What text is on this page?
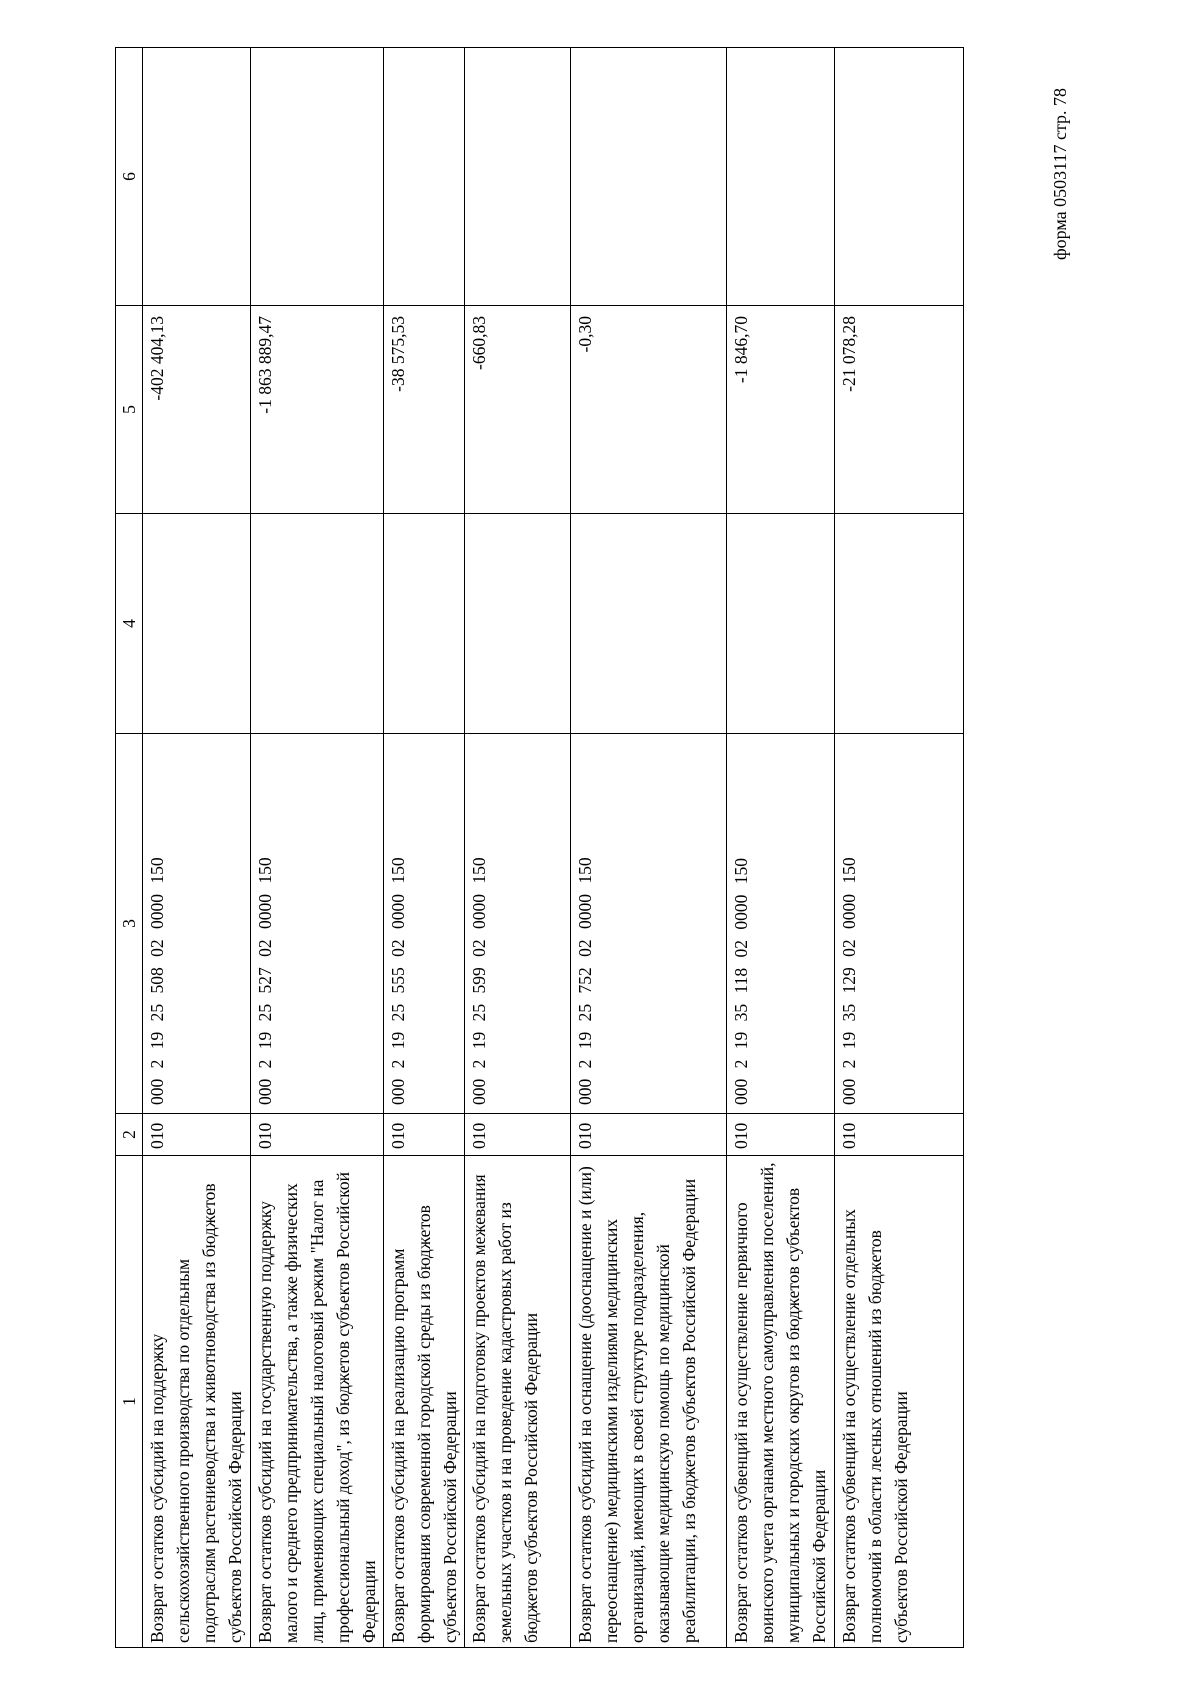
форма 0503117 стр. 78
1	2	3	4	5	6
Возврат остатков субсидий на поддержку сельскохозяйственного производства по отдельным подотраслям растениеводства и животноводства из бюджетов субъектов Российской Федерации	010	000 2 19 25 508 02 0000 150		-402 404,13	
Возврат остатков субсидий на государственную поддержку малого и среднего предпринимательства, а также физических лиц, применяющих специальный налоговый режим "Налог на профессиональный доход", из бюджетов субъектов Российской Федерации	010	000 2 19 25 527 02 0000 150		-1 863 889,47	
Возврат остатков субсидий на реализацию программ формирования современной городской среды из бюджетов субъектов Российской Федерации	010	000 2 19 25 555 02 0000 150		-38 575,53	
Возврат остатков субсидий на подготовку проектов межевания земельных участков и на проведение кадастровых работ из бюджетов субъектов Российской Федерации	010	000 2 19 25 599 02 0000 150		-660,83	
Возврат остатков субсидий на оснащение (дооснащение и (или) переоснащение) медицинскими изделиями медицинских организаций, имеющих в своей структуре подразделения, оказывающие медицинскую помощь по медицинской реабилитации, из бюджетов субъектов Российской Федерации	010	000 2 19 25 752 02 0000 150		-0,30	
Возврат остатков субвенций на осуществление первичного воинского учета органами местного самоуправления поселений, муниципальных и городских округов из бюджетов субъектов Российской Федерации	010	000 2 19 35 118 02 0000 150		-1 846,70	
Возврат остатков субвенций на осуществление отдельных полномочий в области лесных отношений из бюджетов субъектов Российской Федерации	010	000 2 19 35 129 02 0000 150		-21 078,28	
